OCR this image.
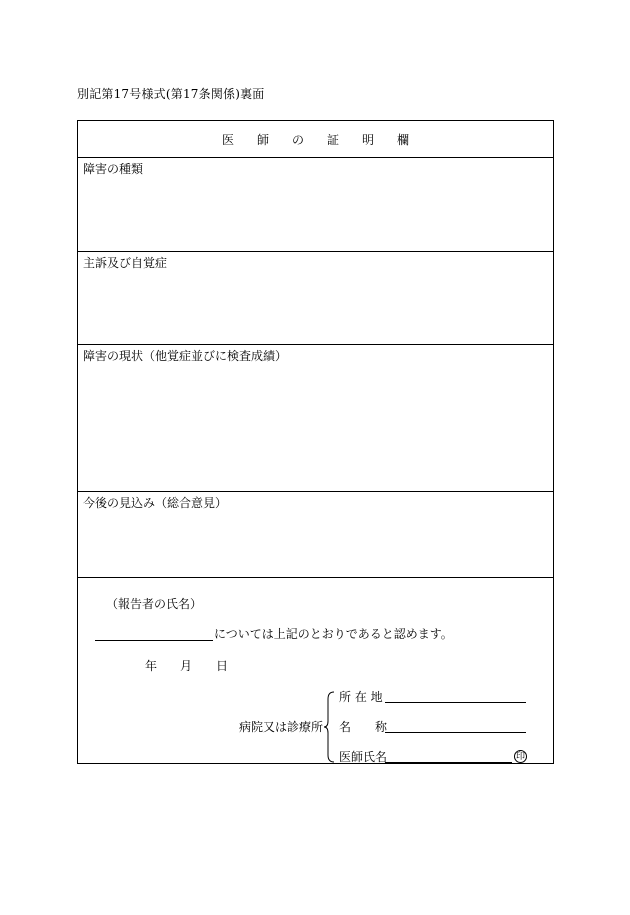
別記第17号様式(第17条関係)裏面
医師の証明欄
障害の種類
主訴及び自覚症
障害の現状（他覚症並びに検査成績）
今後の見込み（総合意見）
（報告者の氏名）
については上記のとおりであると認めます。
年 月 日
病院又は診療所
所 在 地
名　　称
医師氏名	印
